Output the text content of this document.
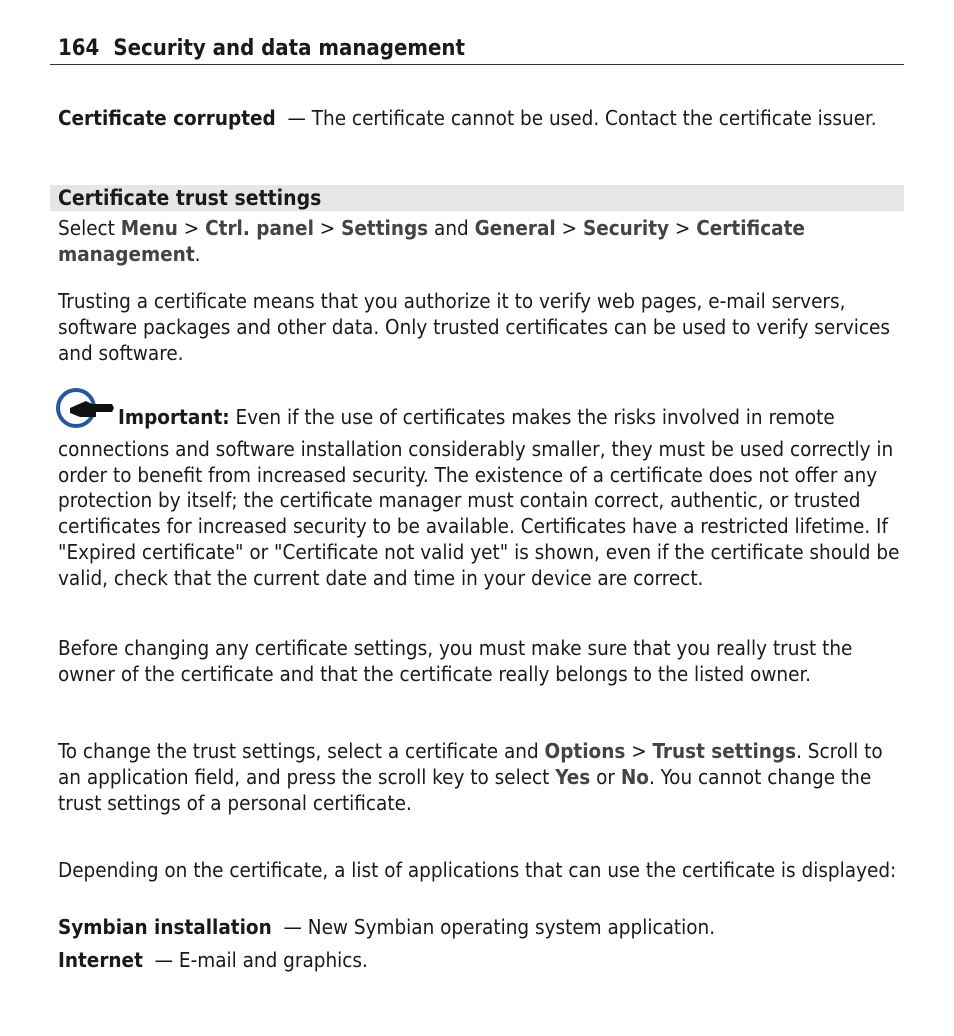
164 Security and data management

Certificate corrupted — The certificate cannot be used. Contact the certificate issuer.

Certificate trust settings

Select Menu > Ctrl. panel > Settings and General > Security > Certificate management.

Trusting a certificate means that you authorize it to verify web pages, e-mail servers, software packages and other data. Only trusted certificates can be used to verify services and software.

Important: Even if the use of certificates makes the risks involved in remote connections and software installation considerably smaller, they must be used correctly in order to benefit from increased security. The existence of a certificate does not offer any protection by itself; the certificate manager must contain correct, authentic, or trusted certificates for increased security to be available. Certificates have a restricted lifetime. If "Expired certificate" or "Certificate not valid yet" is shown, even if the certificate should be valid, check that the current date and time in your device are correct.

Before changing any certificate settings, you must make sure that you really trust the owner of the certificate and that the certificate really belongs to the listed owner.

To change the trust settings, select a certificate and Options > Trust settings. Scroll to an application field, and press the scroll key to select Yes or No. You cannot change the trust settings of a personal certificate.

Depending on the certificate, a list of applications that can use the certificate is displayed:

Symbian installation — New Symbian operating system application.

Internet — E-mail and graphics.
